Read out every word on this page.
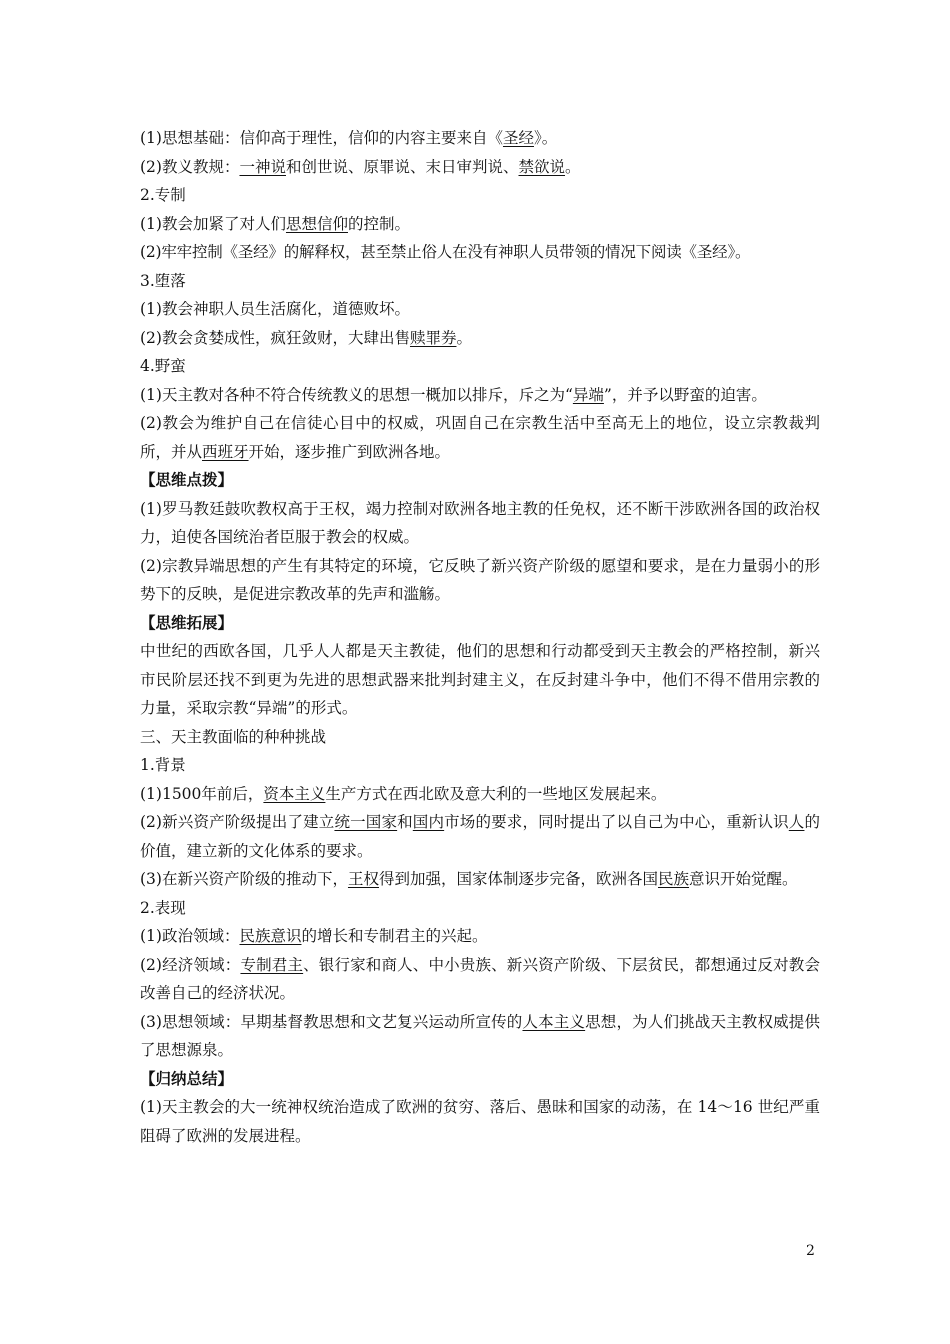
(1)思想基础：信仰高于理性，信仰的内容主要来自《圣经》。
(2)教义教规：一神说和创世说、原罪说、末日审判说、禁欲说。
2.专制
(1)教会加紧了对人们思想信仰的控制。
(2)牢牢控制《圣经》的解释权，甚至禁止俗人在没有神职人员带领的情况下阅读《圣经》。
3.堕落
(1)教会神职人员生活腐化，道德败坏。
(2)教会贪婪成性，疯狂敛财，大肆出售赎罪券。
4.野蛮
(1)天主教对各种不符合传统教义的思想一概加以排斥，斥之为“异端”，并予以野蛮的迫害。
(2)教会为维护自己在信徒心目中的权威，巩固自己在宗教生活中至高无上的地位，设立宗教裁判所，并从西班牙开始，逐步推广到欧洲各地。
【思维点拨】
(1)罗马教廷鼓吹教权高于王权，竭力控制对欧洲各地主教的任免权，还不断干涉欧洲各国的政治权力，迫使各国统治者臣服于教会的权威。
(2)宗教异端思想的产生有其特定的环境，它反映了新兴资产阶级的愿望和要求，是在力量弱小的形势下的反映，是促进宗教改革的先声和滥觞。
【思维拓展】
中世纪的西欧各国，几乎人人都是天主教徒，他们的思想和行动都受到天主教会的严格控制，新兴市民阶层还找不到更为先进的思想武器来批判封建主义，在反封建斗争中，他们不得不借用宗教的力量，采取宗教“异端”的形式。
三、天主教面临的种种挑战
1.背景
(1)1500年前后，资本主义生产方式在西北欧及意大利的一些地区发展起来。
(2)新兴资产阶级提出了建立统一国家和国内市场的要求，同时提出了以自己为中心，重新认识人的价值，建立新的文化体系的要求。
(3)在新兴资产阶级的推动下，王权得到加强，国家体制逐步完备，欧洲各国民族意识开始觉醒。
2.表现
(1)政治领域：民族意识的增长和专制君主的兴起。
(2)经济领域：专制君主、银行家和商人、中小贵族、新兴资产阶级、下层贫民，都想通过反对教会改善自己的经济状况。
(3)思想领域：早期基督教思想和文艺复兴运动所宣传的人本主义思想，为人们挑战天主教权威提供了思想源泉。
【归纳总结】
(1)天主教会的大一统神权统治造成了欧洲的贫穷、落后、愚昧和国家的动荡，在 14～16 世纪严重阻碍了欧洲的发展进程。
2
